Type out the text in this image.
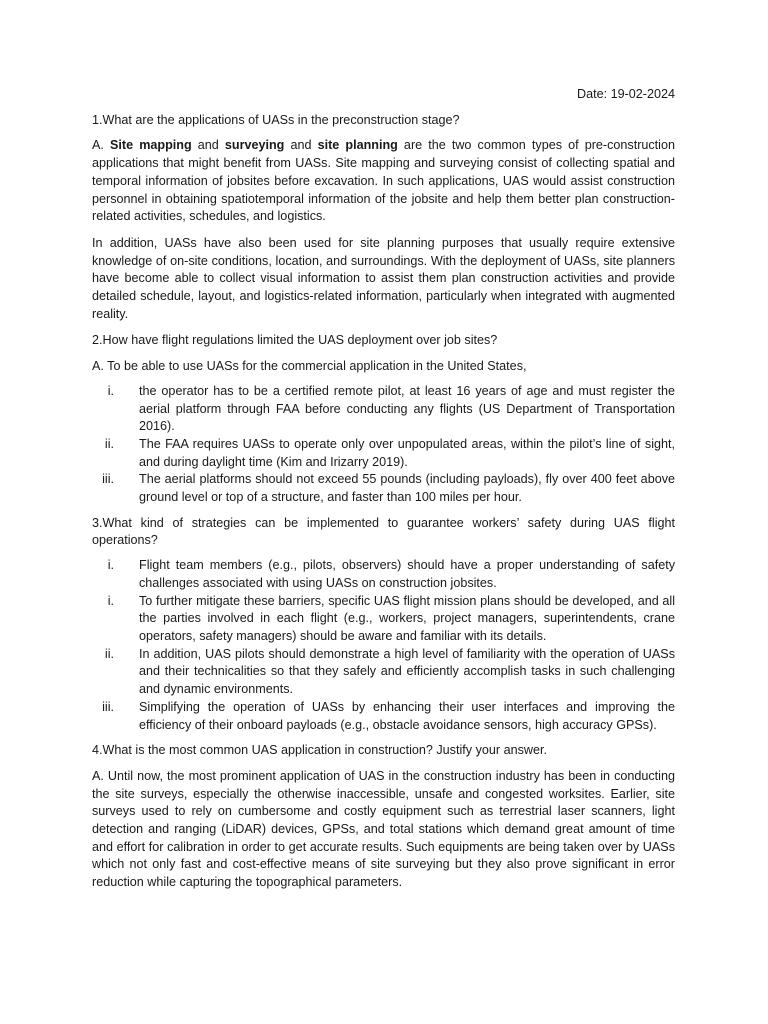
Date: 19-02-2024

1.What are the applications of UASs in the preconstruction stage?

A. Site mapping and surveying and site planning are the two common types of pre-construction applications that might benefit from UASs. Site mapping and surveying consist of collecting spatial and temporal information of jobsites before excavation. In such applications, UAS would assist construction personnel in obtaining spatiotemporal information of the jobsite and help them better plan construction-related activities, schedules, and logistics.

In addition, UASs have also been used for site planning purposes that usually require extensive knowledge of on-site conditions, location, and surroundings. With the deployment of UASs, site planners have become able to collect visual information to assist them plan construction activities and provide detailed schedule, layout, and logistics-related information, particularly when integrated with augmented reality.

2.How have flight regulations limited the UAS deployment over job sites?

A. To be able to use UASs for the commercial application in the United States,

i. the operator has to be a certified remote pilot, at least 16 years of age and must register the aerial platform through FAA before conducting any flights (US Department of Transportation 2016).
ii. The FAA requires UASs to operate only over unpopulated areas, within the pilot’s line of sight, and during daylight time (Kim and Irizarry 2019).
iii. The aerial platforms should not exceed 55 pounds (including payloads), fly over 400 feet above ground level or top of a structure, and faster than 100 miles per hour.

3.What kind of strategies can be implemented to guarantee workers’ safety during UAS flight operations?

i. Flight team members (e.g., pilots, observers) should have a proper understanding of safety challenges associated with using UASs on construction jobsites.
i. To further mitigate these barriers, specific UAS flight mission plans should be developed, and all the parties involved in each flight (e.g., workers, project managers, superintendents, crane operators, safety managers) should be aware and familiar with its details.
ii. In addition, UAS pilots should demonstrate a high level of familiarity with the operation of UASs and their technicalities so that they safely and efficiently accomplish tasks in such challenging and dynamic environments.
iii. Simplifying the operation of UASs by enhancing their user interfaces and improving the efficiency of their onboard payloads (e.g., obstacle avoidance sensors, high accuracy GPSs).

4.What is the most common UAS application in construction? Justify your answer.

A. Until now, the most prominent application of UAS in the construction industry has been in conducting the site surveys, especially the otherwise inaccessible, unsafe and congested worksites. Earlier, site surveys used to rely on cumbersome and costly equipment such as terrestrial laser scanners, light detection and ranging (LiDAR) devices, GPSs, and total stations which demand great amount of time and effort for calibration in order to get accurate results. Such equipments are being taken over by UASs which not only fast and cost-effective means of site surveying but they also prove significant in error reduction while capturing the topographical parameters.
